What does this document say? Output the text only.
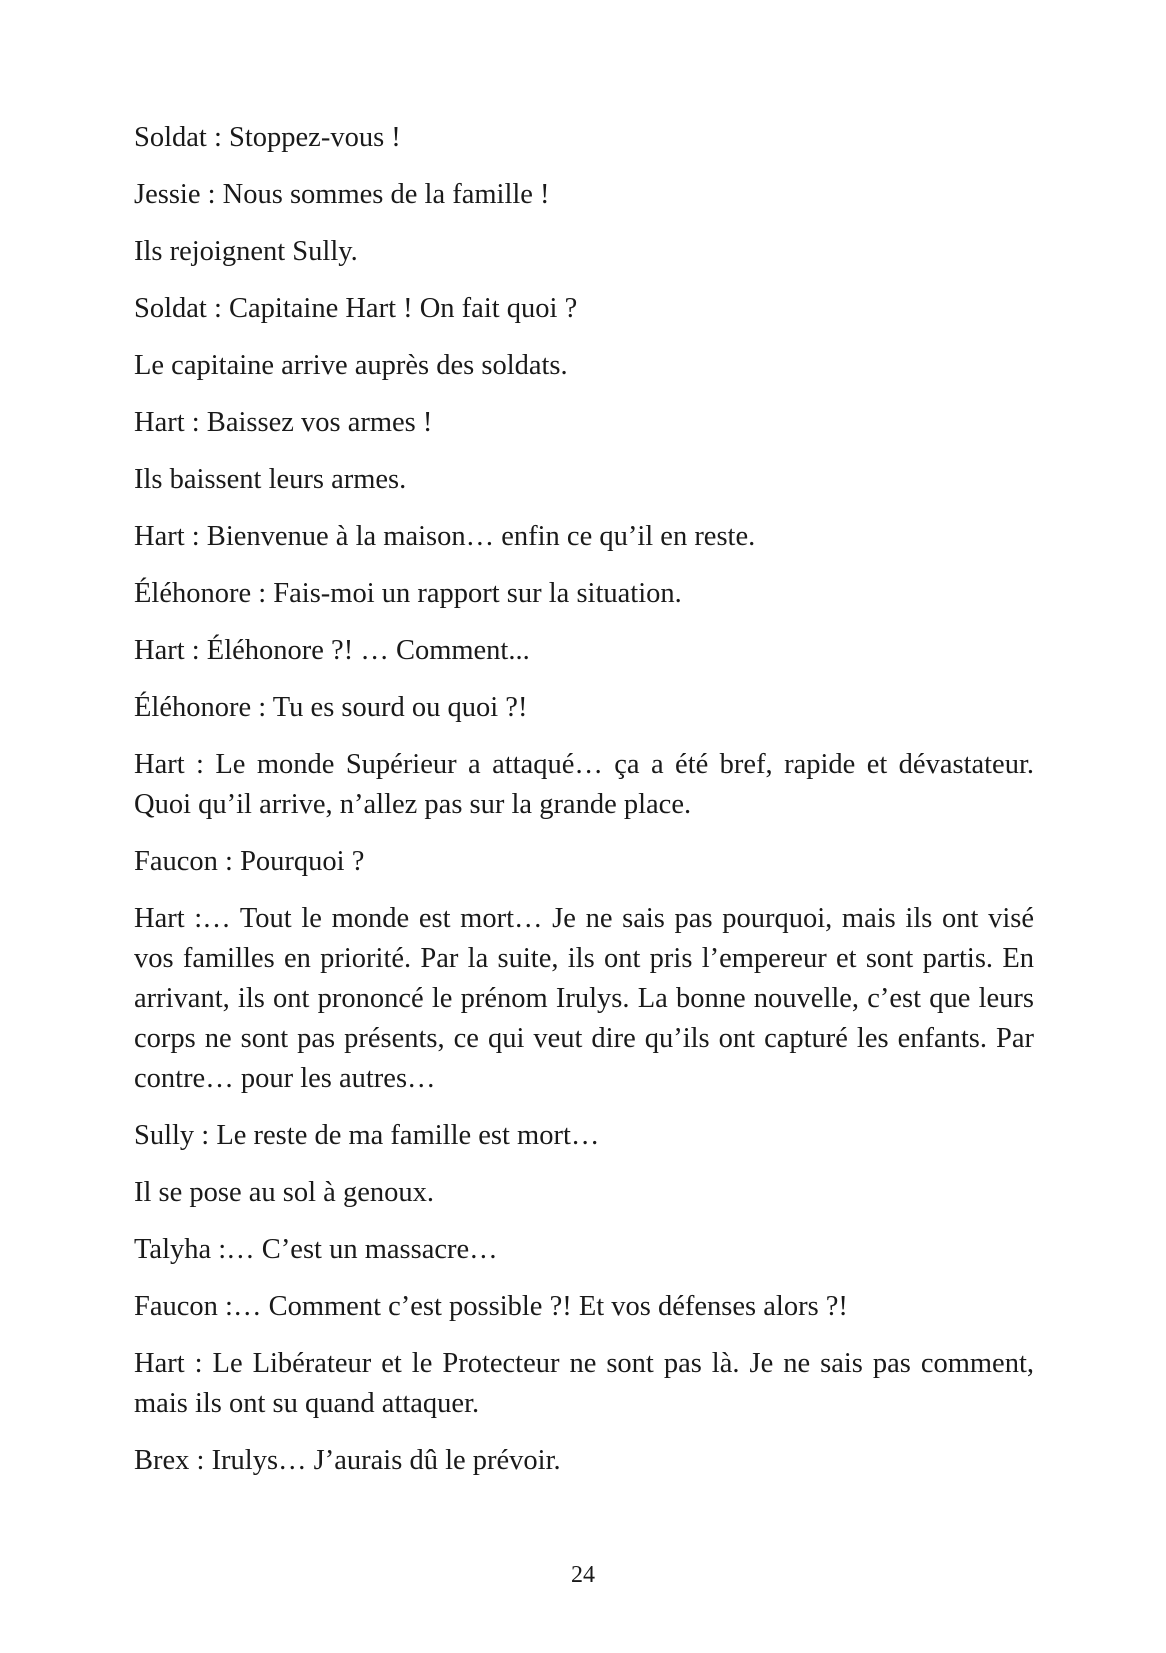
Soldat : Stoppez-vous !

Jessie : Nous sommes de la famille !

Ils rejoignent Sully.

Soldat : Capitaine Hart ! On fait quoi ?

Le capitaine arrive auprès des soldats.

Hart : Baissez vos armes !

Ils baissent leurs armes.

Hart : Bienvenue à la maison… enfin ce qu’il en reste.

Éléhonore : Fais-moi un rapport sur la situation.

Hart : Éléhonore ?! … Comment...

Éléhonore : Tu es sourd ou quoi ?!

Hart : Le monde Supérieur a attaqué… ça a été bref, rapide et dévastateur. Quoi qu’il arrive, n’allez pas sur la grande place.

Faucon : Pourquoi ?

Hart :… Tout le monde est mort… Je ne sais pas pourquoi, mais ils ont visé vos familles en priorité. Par la suite, ils ont pris l’empereur et sont partis. En arrivant, ils ont prononcé le prénom Irulys. La bonne nouvelle, c’est que leurs corps ne sont pas présents, ce qui veut dire qu’ils ont capturé les enfants. Par contre… pour les autres…

Sully : Le reste de ma famille est mort…

Il se pose au sol à genoux.

Talyha :… C’est un massacre…

Faucon :… Comment c’est possible ?! Et vos défenses alors ?!

Hart : Le Libérateur et le Protecteur ne sont pas là. Je ne sais pas comment, mais ils ont su quand attaquer.

Brex : Irulys… J’aurais dû le prévoir.

24
